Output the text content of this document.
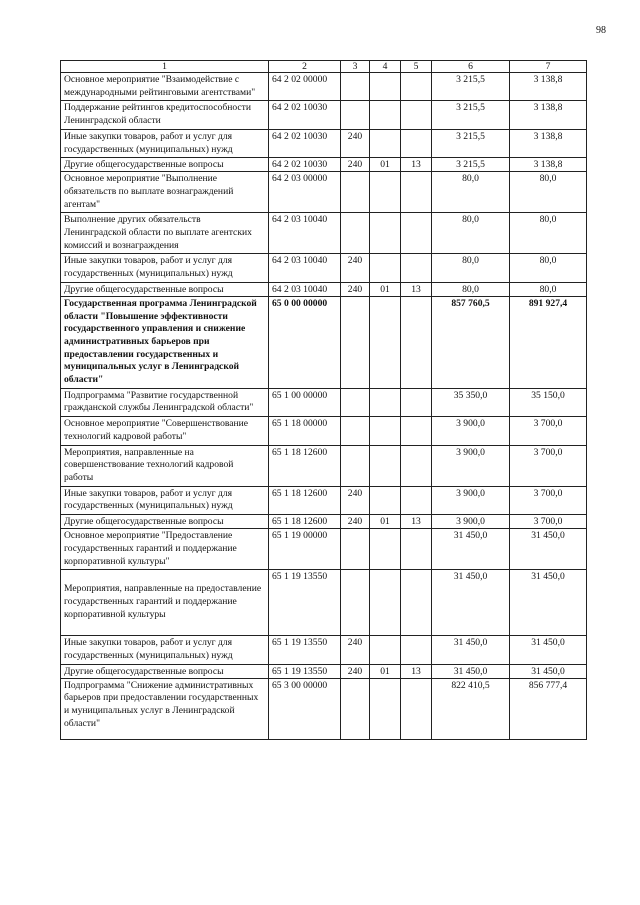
98
1	2	3	4	5	6	7
Основное мероприятие "Взаимодействие с международными рейтинговыми агентствами"	64 2 02 00000				3 215,5	3 138,8
Поддержание рейтингов кредитоспособности Ленинградской области	64 2 02 10030				3 215,5	3 138,8
Иные закупки товаров, работ и услуг для государственных (муниципальных) нужд	64 2 02 10030	240			3 215,5	3 138,8
Другие общегосударственные вопросы	64 2 02 10030	240	01	13	3 215,5	3 138,8
Основное мероприятие "Выполнение обязательств по выплате вознаграждений агентам"	64 2 03 00000				80,0	80,0
Выполнение других обязательств Ленинградской области по выплате агентских комиссий и вознаграждения	64 2 03 10040				80,0	80,0
Иные закупки товаров, работ и услуг для государственных (муниципальных) нужд	64 2 03 10040	240			80,0	80,0
Другие общегосударственные вопросы	64 2 03 10040	240	01	13	80,0	80,0
Государственная программа Ленинградской области "Повышение эффективности государственного управления и снижение административных барьеров при предоставлении государственных и муниципальных услуг в Ленинградской области"	65 0 00 00000				857 760,5	891 927,4
Подпрограмма "Развитие государственной гражданской службы Ленинградской области"	65 1 00 00000				35 350,0	35 150,0
Основное мероприятие "Совершенствование технологий кадровой работы"	65 1 18 00000				3 900,0	3 700,0
Мероприятия, направленные на совершенствование технологий кадровой работы	65 1 18 12600				3 900,0	3 700,0
Иные закупки товаров, работ и услуг для государственных (муниципальных) нужд	65 1 18 12600	240			3 900,0	3 700,0
Другие общегосударственные вопросы	65 1 18 12600	240	01	13	3 900,0	3 700,0
Основное мероприятие "Предоставление государственных гарантий и поддержание корпоративной культуры"	65 1 19 00000				31 450,0	31 450,0
Мероприятия, направленные на предоставление государственных гарантий и поддержание корпоративной культуры	65 1 19 13550				31 450,0	31 450,0
Иные закупки товаров, работ и услуг для государственных (муниципальных) нужд	65 1 19 13550	240			31 450,0	31 450,0
Другие общегосударственные вопросы	65 1 19 13550	240	01	13	31 450,0	31 450,0
Подпрограмма "Снижение административных барьеров при предоставлении государственных и муниципальных услуг в Ленинградской области"	65 3 00 00000				822 410,5	856 777,4
